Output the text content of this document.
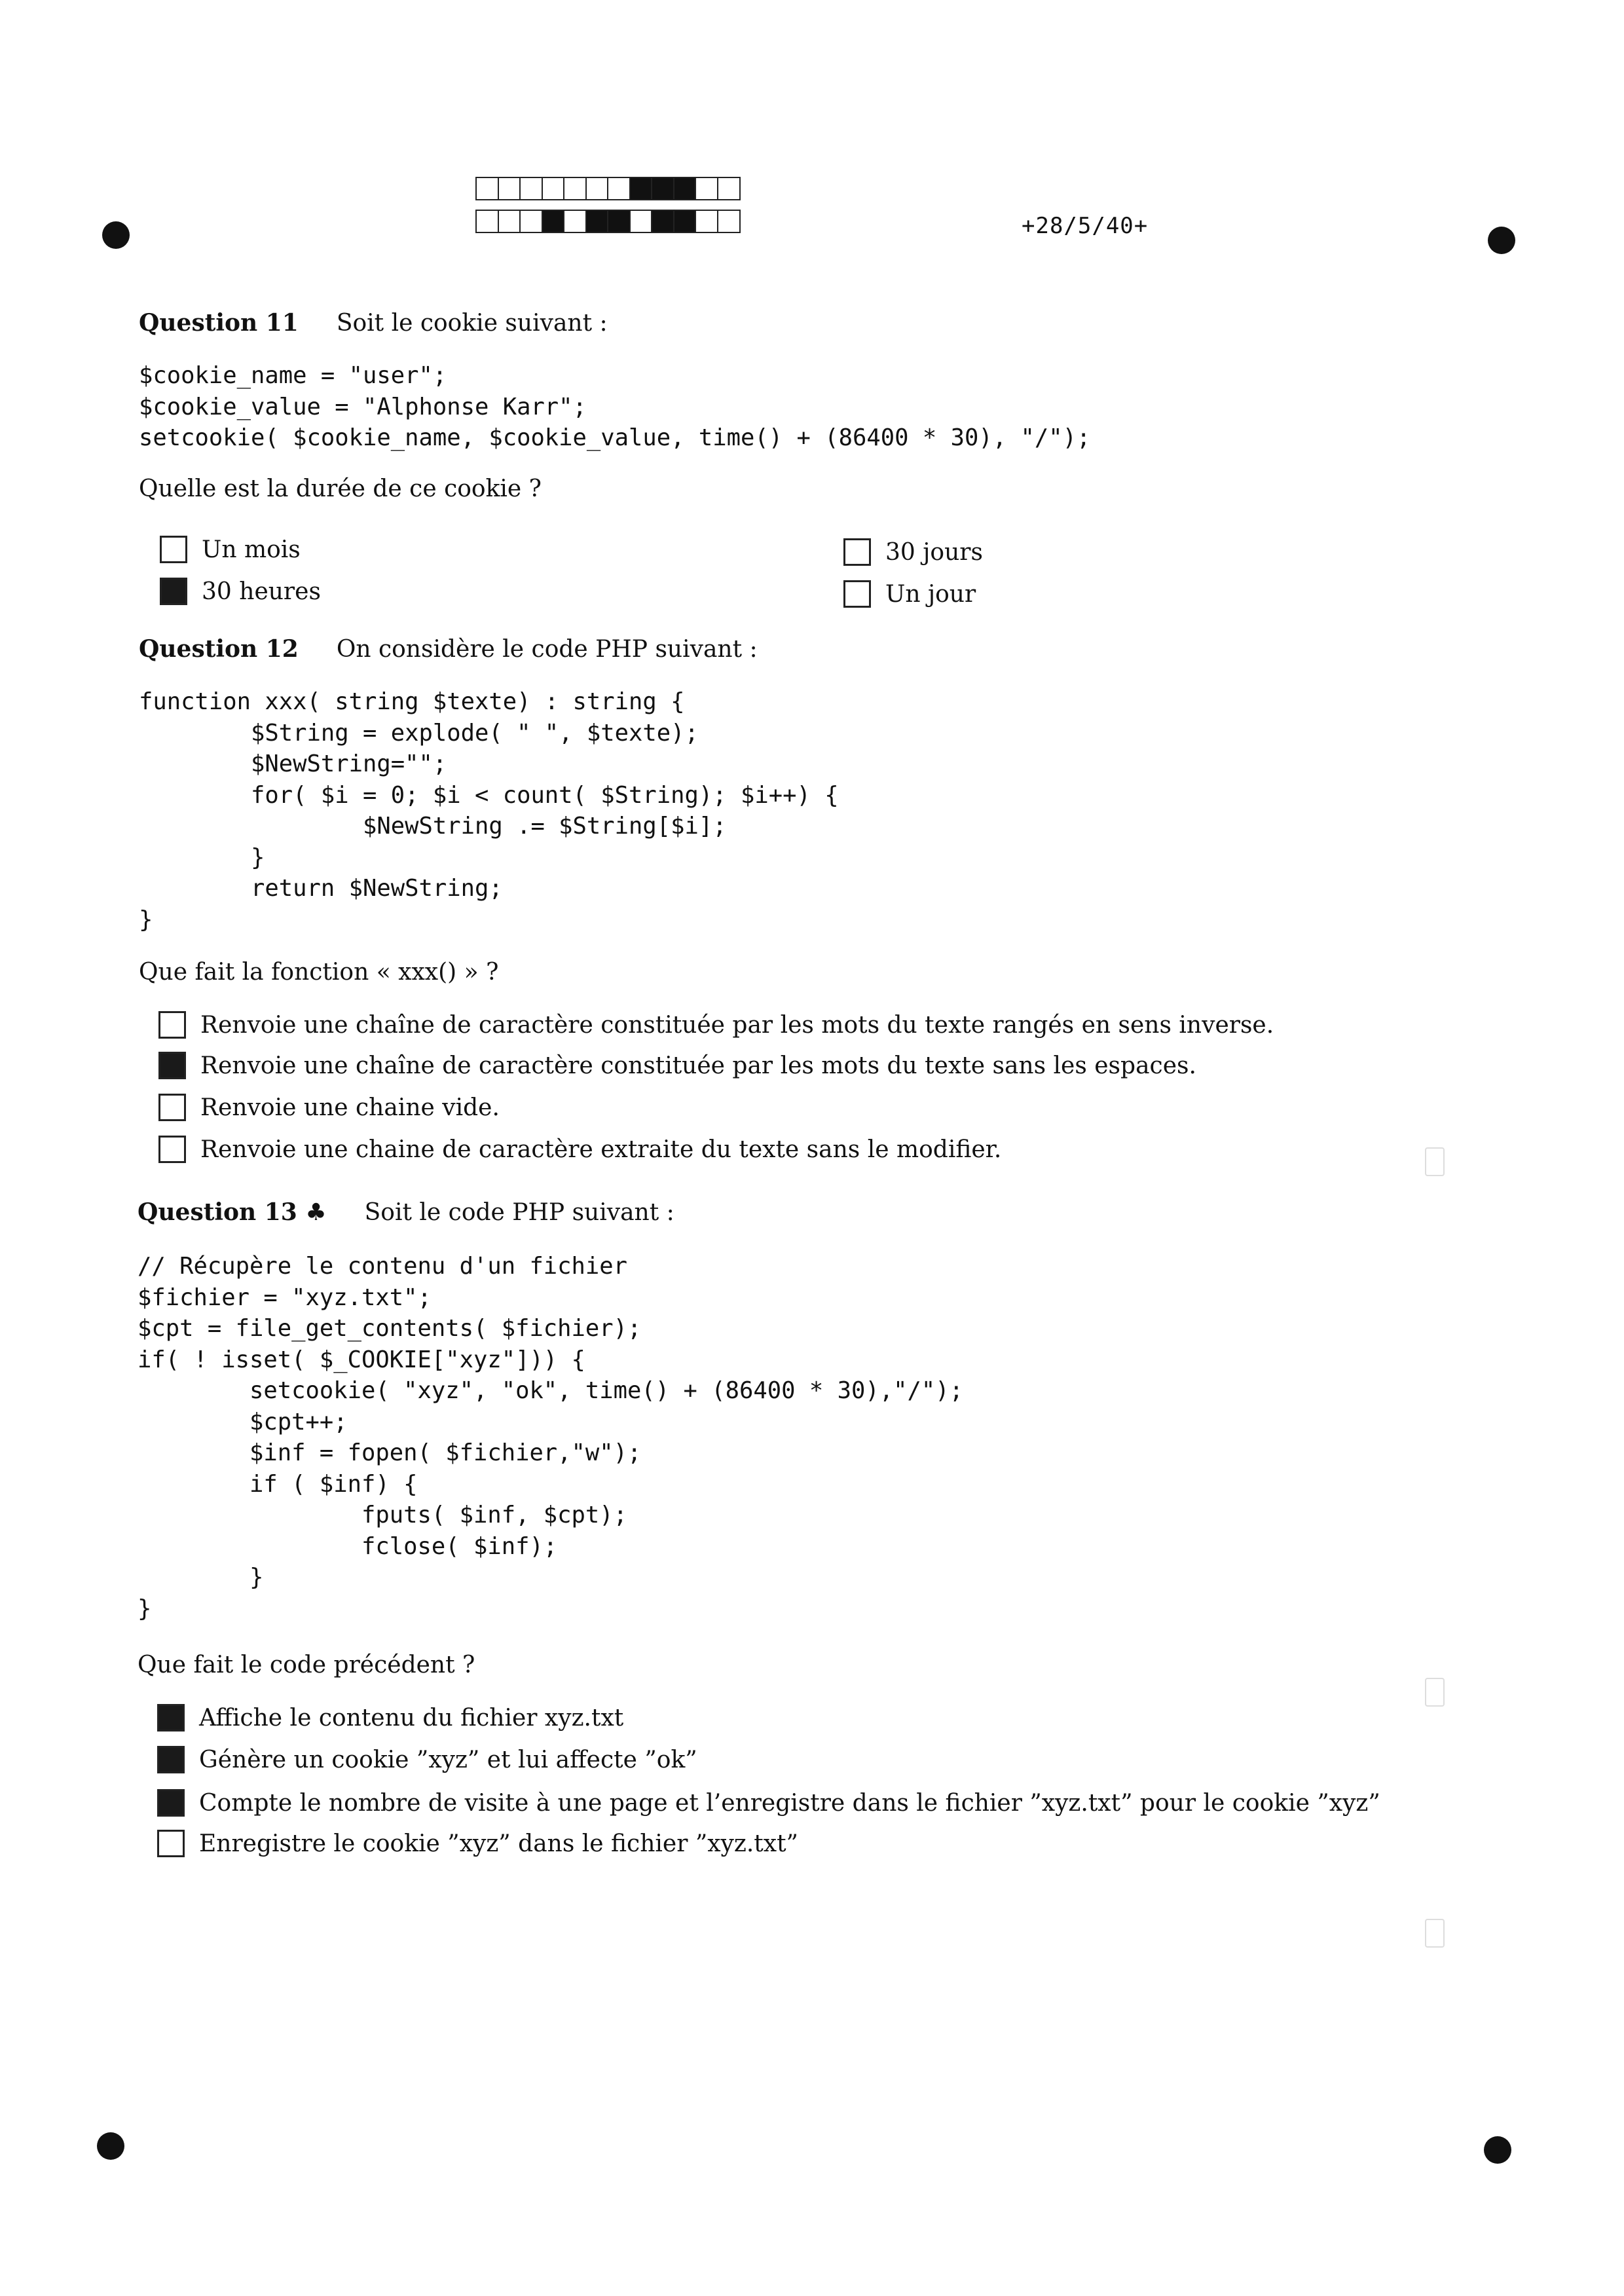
+28/5/40+
Question 11 Soit le cookie suivant :
$cookie_name = "user";
$cookie_value = "Alphonse Karr";
setcookie( $cookie_name, $cookie_value, time() + (86400 * 30), "/");
Quelle est la durée de ce cookie ?
Un mois
30 heures
30 jours
Un jour
Question 12 On considère le code PHP suivant :
function xxx( string $texte) : string {
$String = explode( " ", $texte);
$NewString="";
for( $i = 0; $i < count( $String); $i++) {
$NewString .= $String[$i];
}
return $NewString;
}
Que fait la fonction « xxx() » ?
Renvoie une chaîne de caractère constituée par les mots du texte rangés en sens inverse.
Renvoie une chaîne de caractère constituée par les mots du texte sans les espaces.
Renvoie une chaine vide.
Renvoie une chaine de caractère extraite du texte sans le modifier.
Question 13 ♣ Soit le code PHP suivant :
// Récupère le contenu d'un fichier
$fichier = "xyz.txt";
$cpt = file_get_contents( $fichier);
if( ! isset( $_COOKIE["xyz"])) {
setcookie( "xyz", "ok", time() + (86400 * 30),"/");
$cpt++;
$inf = fopen( $fichier,"w");
if ( $inf) {
fputs( $inf, $cpt);
fclose( $inf);
}
}
Que fait le code précédent ?
Affiche le contenu du fichier xyz.txt
Génère un cookie ”xyz” et lui affecte ”ok”
Compte le nombre de visite à une page et l’enregistre dans le fichier ”xyz.txt” pour le cookie ”xyz”
Enregistre le cookie ”xyz” dans le fichier ”xyz.txt”
